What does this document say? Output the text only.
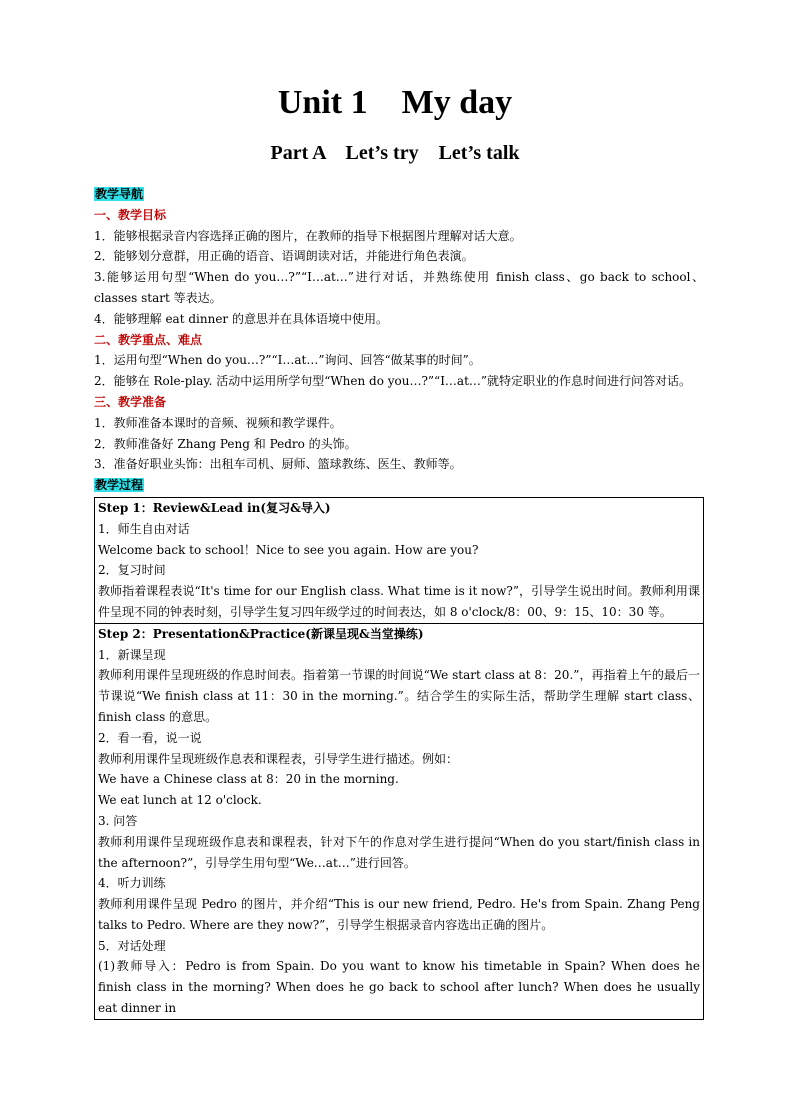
Unit 1    My day
Part A    Let’s try    Let’s talk
教学导航
一、教学目标
1．能够根据录音内容选择正确的图片，在教师的指导下根据图片理解对话大意。
2．能够划分意群，用正确的语音、语调朗读对话，并能进行角色表演。
3.能够运用句型“When do you…?”“I…at…”进行对话，并熟练使用 finish class、go back to school、classes start 等表达。
4．能够理解 eat dinner 的意思并在具体语境中使用。
二、教学重点、难点
1．运用句型“When do you…?”“I…at…”询问、回答“做某事的时间”。
2．能够在 Role-play. 活动中运用所学句型“When do you…?”“I…at…”就特定职业的作息时间进行问答对话。
三、教学准备
1．教师准备本课时的音频、视频和教学课件。
2．教师准备好 Zhang Peng 和 Pedro 的头饰。
3．准备好职业头饰：出租车司机、厨师、篮球教练、医生、教师等。
教学过程
Step 1：Review&Lead in(复习&导入)
1．师生自由对话
Welcome back to school！Nice to see you again. How are you?
2．复习时间
教师指着课程表说“It's time for our English class. What time is it now?”，引导学生说出时间。教师利用课件呈现不同的钟表时刻，引导学生复习四年级学过的时间表达，如 8 o'clock/8：00、9：15、10：30 等。

Step 2：Presentation&Practice(新课呈现&当堂操练)
1．新课呈现
教师利用课件呈现班级的作息时间表。指着第一节课的时间说“We start class at 8：20.”，再指着上午的最后一节课说“We finish class at 11：30 in the morning.”。结合学生的实际生活，帮助学生理解 start class、finish class 的意思。
2．看一看，说一说
教师利用课件呈现班级作息表和课程表，引导学生进行描述。例如：
We have a Chinese class at 8：20 in the morning.
We eat lunch at 12 o'clock.
3. 问答
教师利用课件呈现班级作息表和课程表，针对下午的作息对学生进行提问“When do you start/finish class in the afternoon?”，引导学生用句型“We…at…”进行回答。
4．听力训练
教师利用课件呈现 Pedro 的图片，并介绍“This is our new friend, Pedro. He's from Spain. Zhang Peng talks to Pedro. Where are they now?”，引导学生根据录音内容选出正确的图片。
5．对话处理
(1)教师导入：Pedro is from Spain. Do you want to know his timetable in Spain? When does he finish class in the morning? When does he go back to school after lunch? When does he usually eat dinner in
